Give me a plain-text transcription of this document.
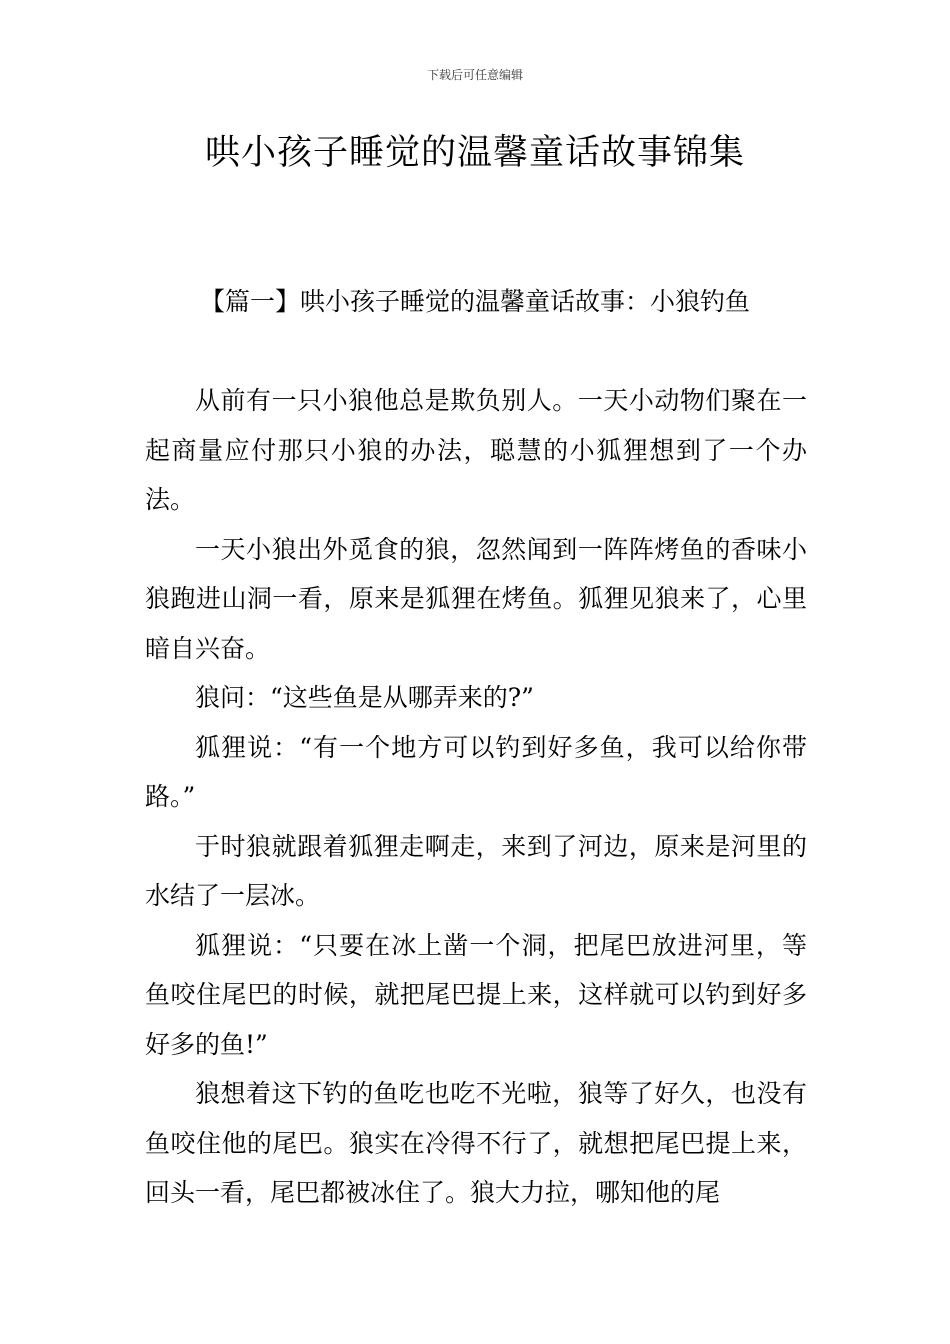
下载后可任意编辑
哄小孩子睡觉的温馨童话故事锦集
【篇一】哄小孩子睡觉的温馨童话故事：小狼钓鱼

从前有一只小狼他总是欺负别人。一天小动物们聚在一起商量应付那只小狼的办法，聪慧的小狐狸想到了一个办法。

一天小狼出外觅食的狼，忽然闻到一阵阵烤鱼的香味小狼跑进山洞一看，原来是狐狸在烤鱼。狐狸见狼来了，心里暗自兴奋。

狼问：“这些鱼是从哪弄来的?”

狐狸说：“有一个地方可以钓到好多鱼，我可以给你带路。”

于时狼就跟着狐狸走啊走，来到了河边，原来是河里的水结了一层冰。

狐狸说：“只要在冰上凿一个洞，把尾巴放进河里，等鱼咬住尾巴的时候，就把尾巴提上来，这样就可以钓到好多好多的鱼!”

狼想着这下钓的鱼吃也吃不光啦，狼等了好久，也没有鱼咬住他的尾巴。狼实在冷得不行了，就想把尾巴提上来，回头一看，尾巴都被冰住了。狼大力拉，哪知他的尾
